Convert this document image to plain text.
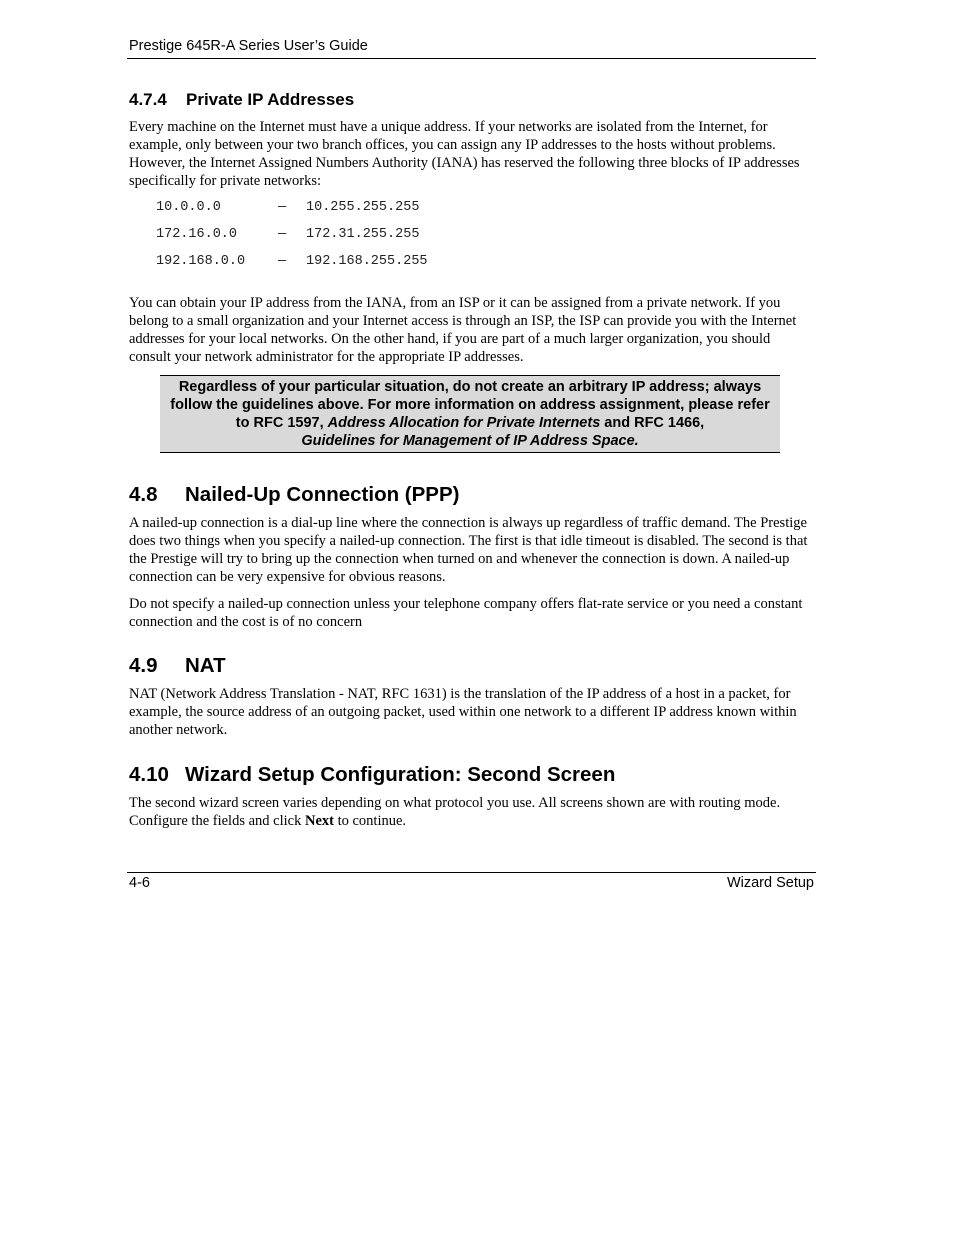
Prestige 645R-A Series User’s Guide
4.7.4 Private IP Addresses

Every machine on the Internet must have a unique address. If your networks are isolated from the Internet, for example, only between your two branch offices, you can assign any IP addresses to the hosts without problems. However, the Internet Assigned Numbers Authority (IANA) has reserved the following three blocks of IP addresses specifically for private networks:

10.0.0.0	— 10.255.255.255
172.16.0.0	— 172.31.255.255
192.168.0.0 — 192.168.255.255

You can obtain your IP address from the IANA, from an ISP or it can be assigned from a private network. If you belong to a small organization and your Internet access is through an ISP, the ISP can provide you with the Internet addresses for your local networks. On the other hand, if you are part of a much larger organization, you should consult your network administrator for the appropriate IP addresses.

Regardless of your particular situation, do not create an arbitrary IP address; always follow the guidelines above. For more information on address assignment, please refer to RFC 1597, Address Allocation for Private Internets and RFC 1466,
Guidelines for Management of IP Address Space.
4.8 Nailed-Up Connection (PPP)

A nailed-up connection is a dial-up line where the connection is always up regardless of traffic demand. The Prestige does two things when you specify a nailed-up connection. The first is that idle timeout is disabled. The second is that the Prestige will try to bring up the connection when turned on and whenever the connection is down. A nailed-up connection can be very expensive for obvious reasons.

Do not specify a nailed-up connection unless your telephone company offers flat-rate service or you need a constant connection and the cost is of no concern

4.9 NAT

NAT (Network Address Translation - NAT, RFC 1631) is the translation of the IP address of a host in a packet, for example, the source address of an outgoing packet, used within one network to a different IP address known within another network.

4.10 Wizard Setup Configuration: Second Screen

The second wizard screen varies depending on what protocol you use. All screens shown are with routing mode. Configure the fields and click Next to continue.

4-6	Wizard Setup
